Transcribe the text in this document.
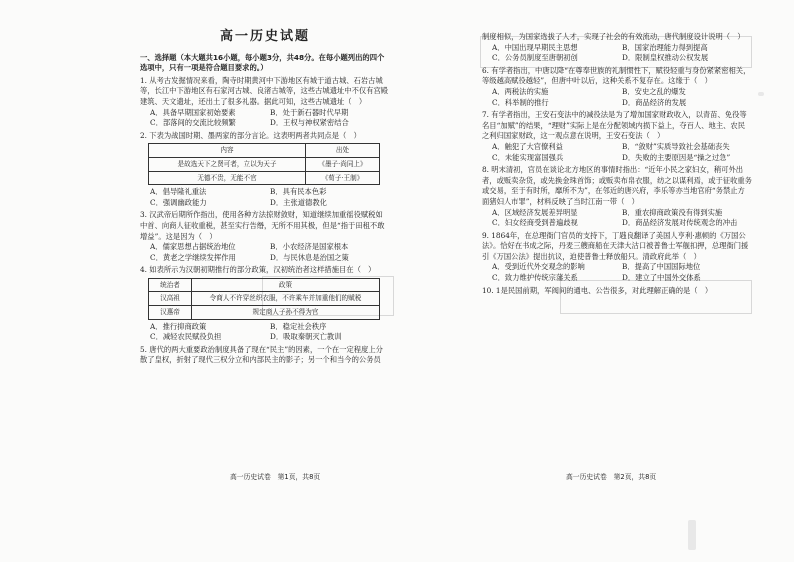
高一历史试题
一、选择题（本大题共16小题，每小题3分，共48分。在每小题列出的四个选项中，只有一项是符合题目要求的。）
1. 从考古发掘情况来看，陶寺时期黄河中下游地区有城于道古城、石岩古城等，长江中下游地区有石家河古城、良渚古城等，这些古城遗址中不仅有宫殿建筑、天文遗址，还出土了很多礼器。据此可知，这些古城遗址（　）
A．具备早期国家初始要素	B．处于新石器时代早期
C．部落间的交流比较频繁	D．王权与神权紧密结合
2. 下表为战国时期、墨两家的部分言论。这表明两者共同点是（　）
内容	出处
是故选天下之贤可者，立以为天子	《墨子·尚同上》
无德不贵，无能不官	《荀子·王制》
A．倡导隆礼重法	B．具有民本色彩
C．强调幽政能力	D．主张道德教化
3. 汉武帝后期所作指出，使用各种方法掠财敛财，知道继续加重徭役赋税如中首、向商人征收重税，甚至实行告缗，无所不用其极，但是“指于田租不敢增益”。这是因为（　）
A．儒家思想占据统治地位	B．小农经济是国家根本
C．黄老之学继续发挥作用	D．与民休息是治国之策
4. 如表所示为汉朝初期推行的部分政策，汉初统治者这样措施目在（　）
统治者	政策
汉高祖	令商人不许穿丝织衣服，不许乘车并加重他们的赋税
汉惠帝	规定商人子孙不得为官
A．推行抑商政策	B．稳定社会秩序
C．减轻农民赋役负担	D．吸取秦朝灭亡教训
5. 唐代的两大重要政治制度具备了现在“民主”的因素，一个在一定程度上分散了皇权，折射了现代三权分立和内部民主的影子；另一个和当今的公务员
高一历史试卷　第1页，共8页
制度相似，为国家选拔了人才，实现了社会的有效流动，唐代制度设计说明（　）
A．中国出现早期民主思想	B．国家治理能力得到提高
C．公务员制度至唐朝初创	D．限制皇权推动公权发展
6. 有学者指出，中唐以降“在尊奉世族的礼制惯性下，赋役轻重与身份紧紧密相关，等级越高赋役越轻”，但唐中叶以后，这种关系不复存在。这缘于（　）
A．两税法的实施	B．安史之乱的爆发
C．科举制的推行	D．商品经济的发展
7. 有学者指出，王安石变法中的减役法是为了增加国家财政收入，以青苗、免役等名目“加赋”的结果，“理财”实际上是在分配领域内损下益上，夺百人、地主、农民之利归国家财政，这一观点意在说明，王安石变法（　）
A．触犯了大官僚利益	B．“敛财”实质导致社会基础丧失
C．未能实现富国强兵	D．失败的主要原因是“操之过急”
8. 明末清初，官员在谈论北方地区的事情时指出：“近年小民之家妇女，稍可外出者，或贩卖杂货，或先换金珠首饰；或贩卖布帛衣服，纺之以谋利焉，或于征收重务或交易，至于有时所，靡所不为”，在邻近的唐兴府，李乐等亦当地官府“务禁止方面猪妇人市罪”，材料反映了当时江南一带（　）
A．区域经济发展差异明显	B．重农抑商政策没有得到实施
C．妇女经商受到普遍歧视	D．商品经济发展对传统观念的冲击
9. 1864年，在总理衙门官员的支持下，丁韪良翻译了美国人亨利·惠顿的《万国公法》。恰好在书成之际，丹麦三艘商船在天津大沽口被普鲁士军舰扣押，总理衙门援引《万国公法》提出抗议，迫使普鲁士释放船只。清政府此举（　）
A．受到近代外交观念的影响	B．提高了中国国际地位
C．致力维护传统宗藩关系	D．建立了中国外交体系
10. 1是民国前期，军阀间的通电、公告很多，对此理解正确的是（　）
高一历史试卷　第2页，共8页
